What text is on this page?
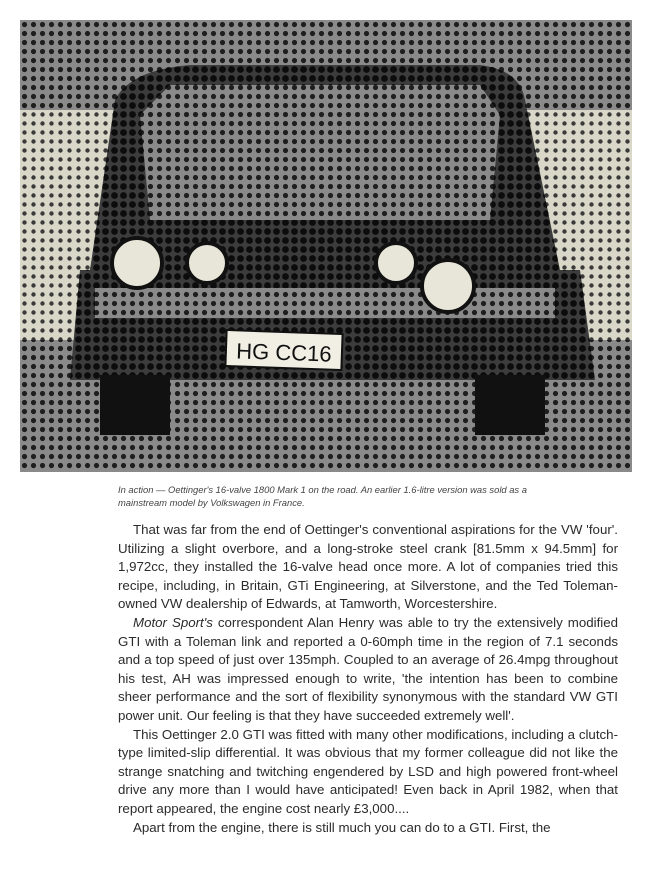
HG CC16

In action — Oettinger's 16-valve 1800 Mark 1 on the road. An earlier 1.6-litre version was sold as a

mainstream model by Volkswagen in France.

That was far from the end of Oettinger's conventional aspirations for the VW 'four'. Utilizing a slight overbore, and a long-stroke steel crank [81.5mm x 94.5mm] for 1,972cc, they installed the 16-valve head once more. A lot of companies tried this recipe, including, in Britain, GTi Engineering, at Silverstone, and the Ted Toleman-owned VW dealership of Edwards, at Tamworth, Worcestershire.

Motor Sport's correspondent Alan Henry was able to try the extensively modified GTI with a Toleman link and reported a 0-60mph time in the region of 7.1 seconds and a top speed of just over 135mph. Coupled to an average of 26.4mpg throughout his test, AH was impressed enough to write, 'the intention has been to combine sheer performance and the sort of flexibility synonymous with the standard VW GTI power unit. Our feeling is that they have succeeded extremely well'.

This Oettinger 2.0 GTI was fitted with many other modifications, including a clutch-type limited-slip differential. It was obvious that my former colleague did not like the strange snatching and twitching engendered by LSD and high powered front-wheel drive any more than I would have anticipated! Even back in April 1982, when that report appeared, the engine cost nearly £3,000....

Apart from the engine, there is still much you can do to a GTI. First, the
